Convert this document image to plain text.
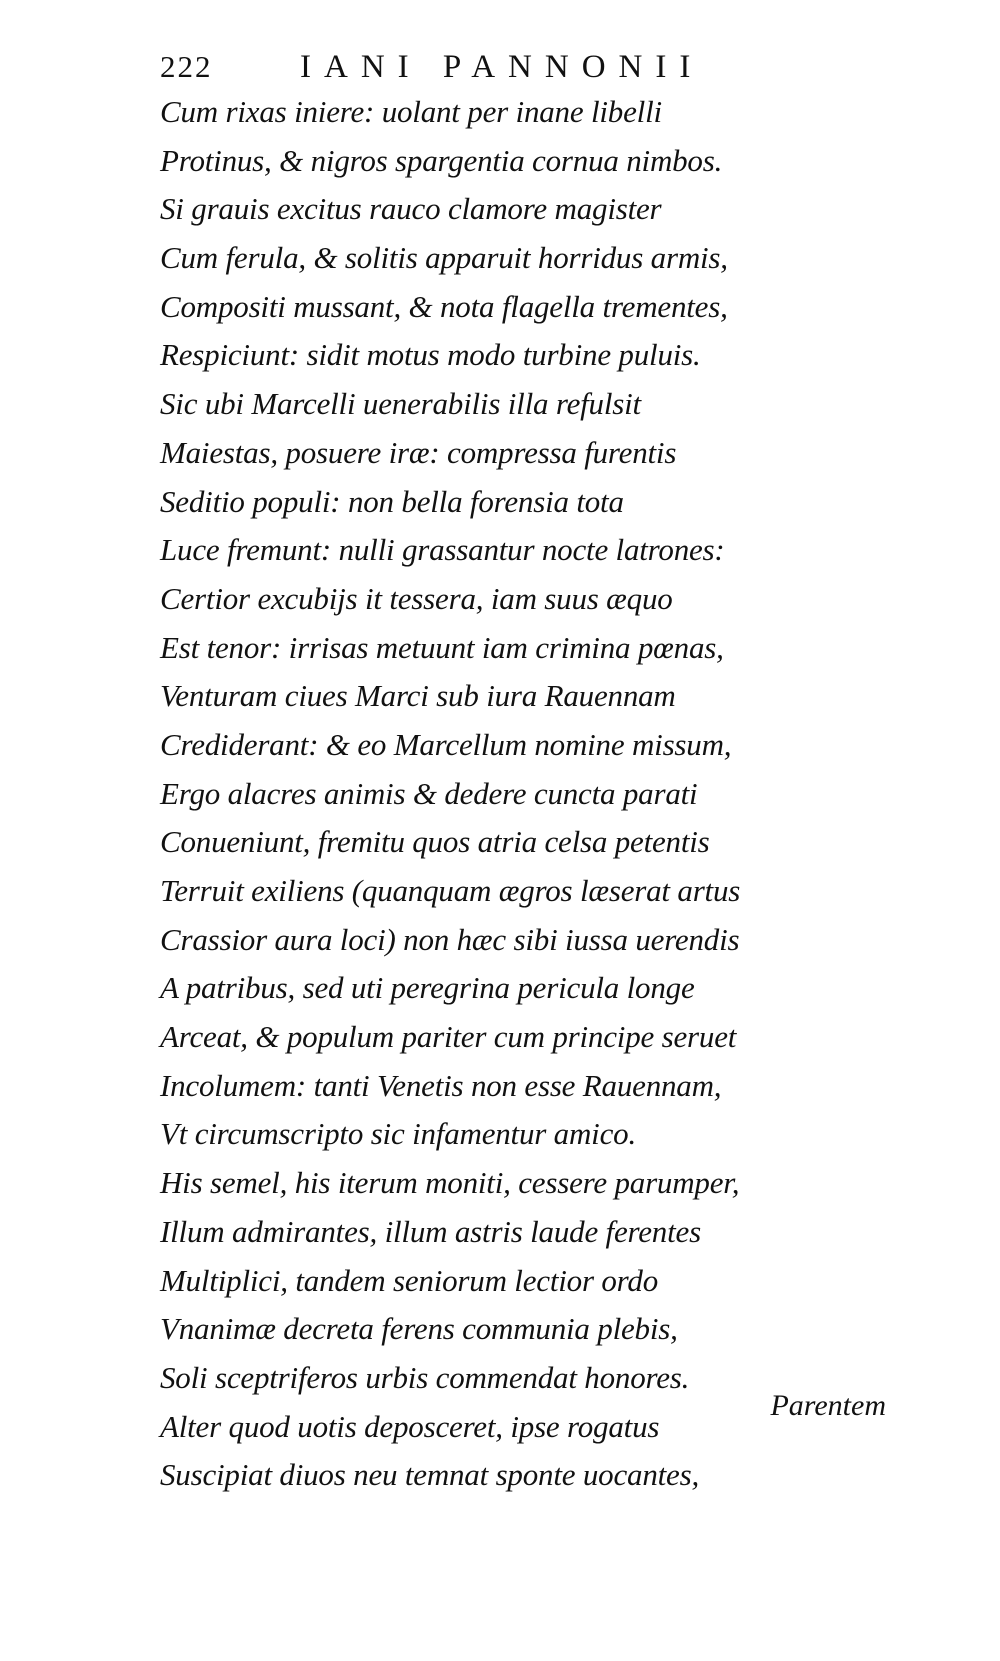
222	IANI PANNONII
Cum rixas iniere: uolant per inane libelli
Protinus, & nigros spargentia cornua nimbos.
Si grauis excitus rauco clamore magister
Cum ferula, & solitis apparuit horridus armis,
Compositi mussant, & nota flagella trementes,
Respiciunt: sidit motus modo turbine puluis.
Sic ubi Marcelli uenerabilis illa refulsit
Maiestas, posuere iræ: compressa furentis
Seditio populi: non bella forensia tota
Luce fremunt: nulli grassantur nocte latrones:
Certior excubijs it tessera, iam suus æquo
Est tenor: irrisas metuunt iam crimina pœnas,
Venturam ciues Marci sub iura Rauennam
Crediderant: & eo Marcellum nomine missum,
Ergo alacres animis & dedere cuncta parati
Conueniunt, fremitu quos atria celsa petentis
Terruit exiliens (quanquam ægros læserat artus
Crassior aura loci) non hæc sibi iussa uerendis
A patribus, sed uti peregrina pericula longe
Arceat, & populum pariter cum principe seruet
Incolumem: tanti Venetis non esse Rauennam,
Vt circumscripto sic infamentur amico.
His semel, his iterum moniti, cessere parumper,
Illum admirantes, illum astris laude ferentes
Multiplici, tandem seniorum lectior ordo
Vnanimæ decreta ferens communia plebis,
Soli sceptriferos urbis commendat honores.
Alter quod uotis deposceret, ipse rogatus
Suscipiat diuos neu temnat sponte uocantes,
Parentem
